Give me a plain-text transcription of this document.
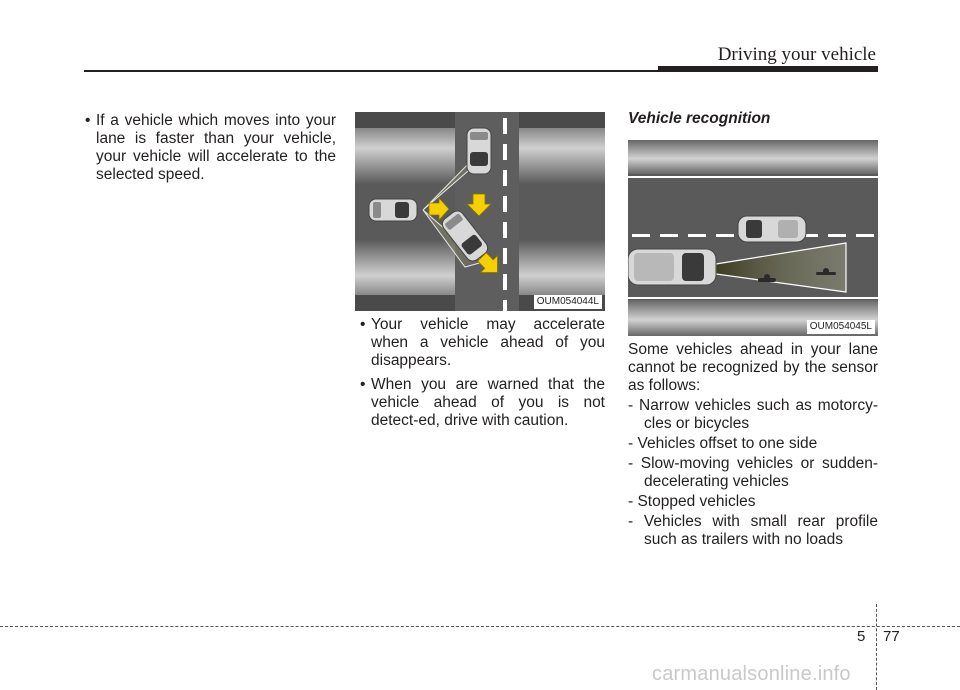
Driving your vehicle

• If a vehicle which moves into your lane is faster than your vehicle, your vehicle will accelerate to the selected speed.

OUM054044L

• Your vehicle may accelerate when a vehicle ahead of you disappears.

• When you are warned that the vehicle ahead of you is not detect-ed, drive with caution.

Vehicle recognition
OUM054045L

Some vehicles ahead in your lane cannot be recognized by the sensor as follows:

- Narrow vehicles such as motorcy-cles or bicycles

- Vehicles offset to one side

- Slow-moving vehicles or sudden-decelerating vehicles

- Stopped vehicles

- Vehicles with small rear profile such as trailers with no loads

5 77
carmanualsonline.info
